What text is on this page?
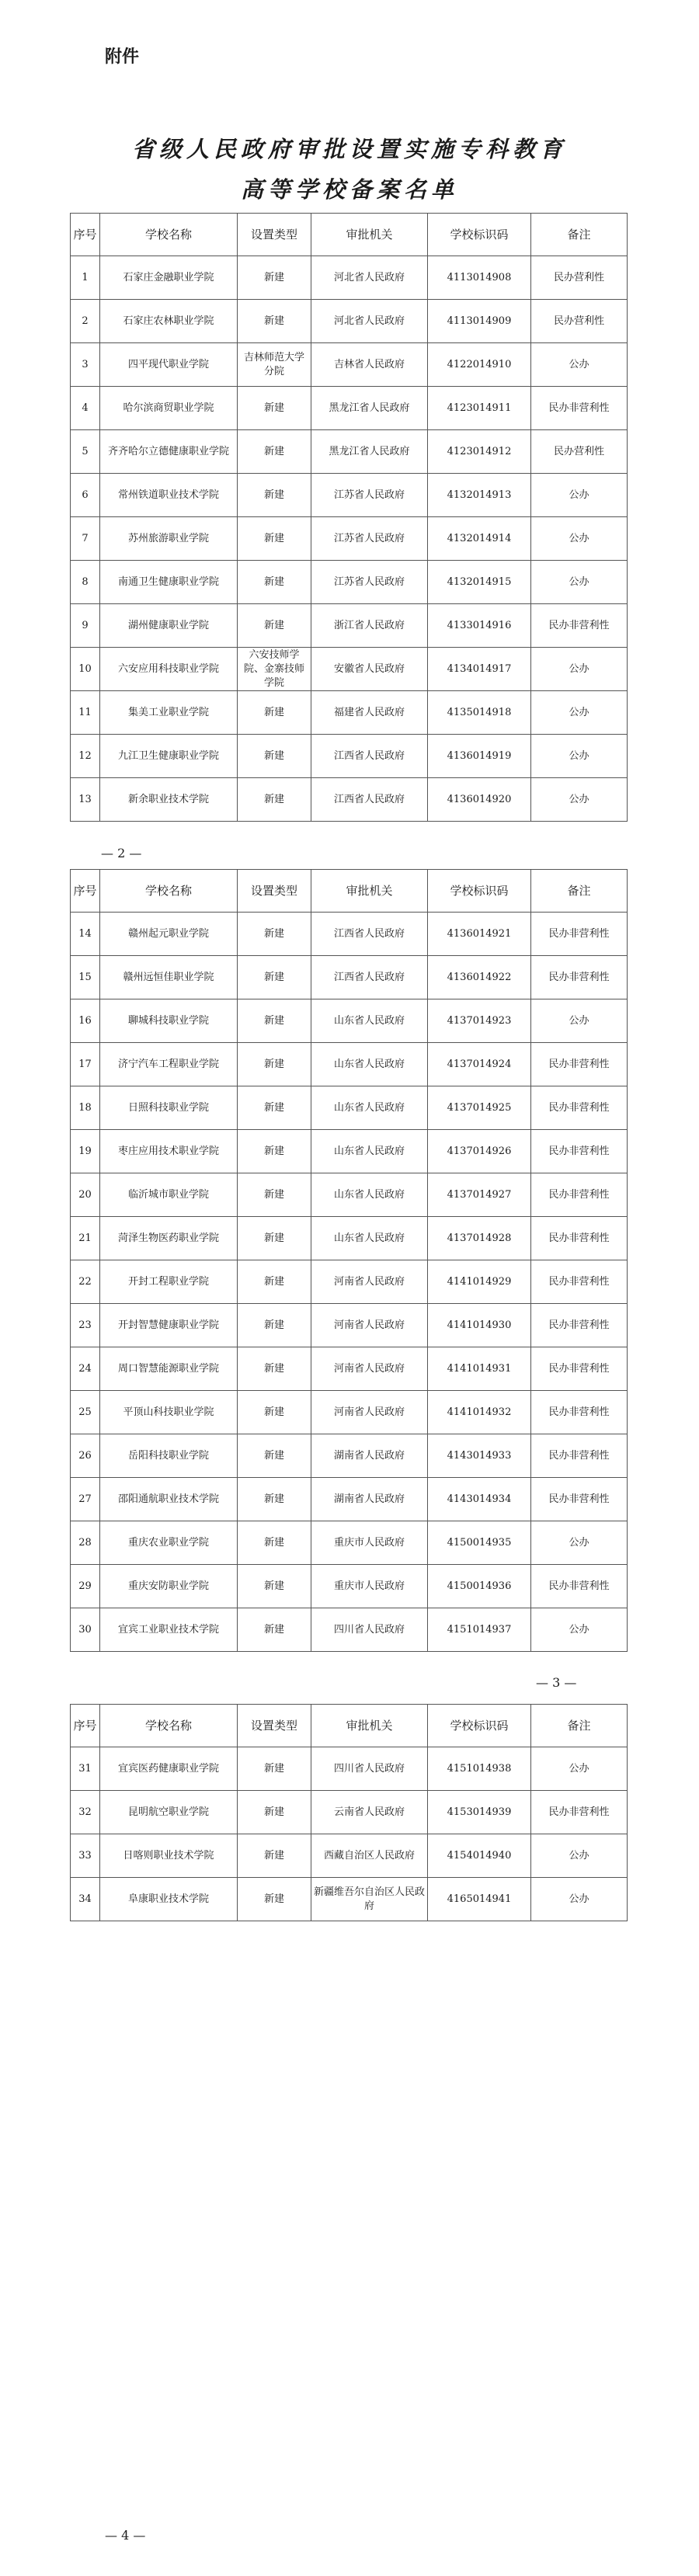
附件
省级人民政府审批设置实施专科教育
高等学校备案名单
序号	学校名称	设置类型	审批机关	学校标识码	备注
1	石家庄金融职业学院	新建	河北省人民政府	4113014908	民办营利性
2	石家庄农林职业学院	新建	河北省人民政府	4113014909	民办营利性
3	四平现代职业学院	吉林师范大学分院	吉林省人民政府	4122014910	公办
4	哈尔滨商贸职业学院	新建	黑龙江省人民政府	4123014911	民办非营利性
5	齐齐哈尔立德健康职业学院	新建	黑龙江省人民政府	4123014912	民办营利性
6	常州铁道职业技术学院	新建	江苏省人民政府	4132014913	公办
7	苏州旅游职业学院	新建	江苏省人民政府	4132014914	公办
8	南通卫生健康职业学院	新建	江苏省人民政府	4132014915	公办
9	湖州健康职业学院	新建	浙江省人民政府	4133014916	民办非营利性
10	六安应用科技职业学院	六安技师学院、金寨技师学院	安徽省人民政府	4134014917	公办
11	集美工业职业学院	新建	福建省人民政府	4135014918	公办
12	九江卫生健康职业学院	新建	江西省人民政府	4136014919	公办
13	新余职业技术学院	新建	江西省人民政府	4136014920	公办
— 2 —
序号	学校名称	设置类型	审批机关	学校标识码	备注
14	赣州起元职业学院	新建	江西省人民政府	4136014921	民办非营利性
15	赣州远恒佳职业学院	新建	江西省人民政府	4136014922	民办非营利性
16	聊城科技职业学院	新建	山东省人民政府	4137014923	公办
17	济宁汽车工程职业学院	新建	山东省人民政府	4137014924	民办非营利性
18	日照科技职业学院	新建	山东省人民政府	4137014925	民办非营利性
19	枣庄应用技术职业学院	新建	山东省人民政府	4137014926	民办非营利性
20	临沂城市职业学院	新建	山东省人民政府	4137014927	民办非营利性
21	菏泽生物医药职业学院	新建	山东省人民政府	4137014928	民办非营利性
22	开封工程职业学院	新建	河南省人民政府	4141014929	民办非营利性
23	开封智慧健康职业学院	新建	河南省人民政府	4141014930	民办非营利性
24	周口智慧能源职业学院	新建	河南省人民政府	4141014931	民办非营利性
25	平顶山科技职业学院	新建	河南省人民政府	4141014932	民办非营利性
26	岳阳科技职业学院	新建	湖南省人民政府	4143014933	民办非营利性
27	邵阳通航职业技术学院	新建	湖南省人民政府	4143014934	民办非营利性
28	重庆农业职业学院	新建	重庆市人民政府	4150014935	公办
29	重庆安防职业学院	新建	重庆市人民政府	4150014936	民办非营利性
30	宜宾工业职业技术学院	新建	四川省人民政府	4151014937	公办
— 3 —
序号	学校名称	设置类型	审批机关	学校标识码	备注
31	宜宾医药健康职业学院	新建	四川省人民政府	4151014938	公办
32	昆明航空职业学院	新建	云南省人民政府	4153014939	民办非营利性
33	日喀则职业技术学院	新建	西藏自治区人民政府	4154014940	公办
34	阜康职业技术学院	新建	新疆维吾尔自治区人民政府	4165014941	公办
— 4 —
